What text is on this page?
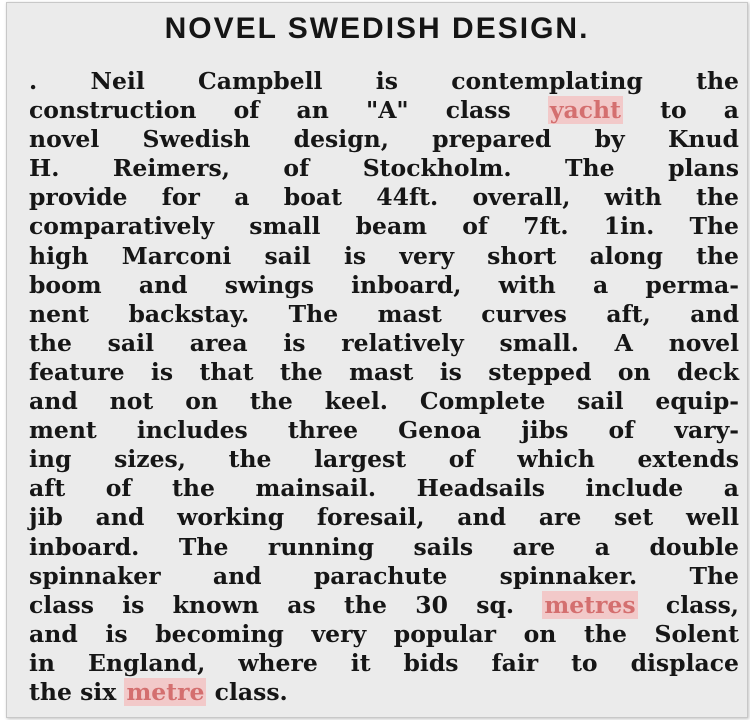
NOVEL SWEDISH DESIGN.
. Neil Campbell is contemplating the
construction of an "A" class yacht to a
novel Swedish design, prepared by Knud
H. Reimers, of Stockholm. The plans
provide for a boat 44ft. overall, with the
comparatively small beam of 7ft. 1in. The
high Marconi sail is very short along the
boom and swings inboard, with a perma-
nent backstay. The mast curves aft, and
the sail area is relatively small. A novel
feature is that the mast is stepped on deck
and not on the keel. Complete sail equip-
ment includes three Genoa jibs of vary-
ing sizes, the largest of which extends
aft of the mainsail. Headsails include a
jib and working foresail, and are set well
inboard. The running sails are a double
spinnaker and parachute spinnaker. The
class is known as the 30 sq. metres class,
and is becoming very popular on the Solent
in England, where it bids fair to displace
the six metre class.
